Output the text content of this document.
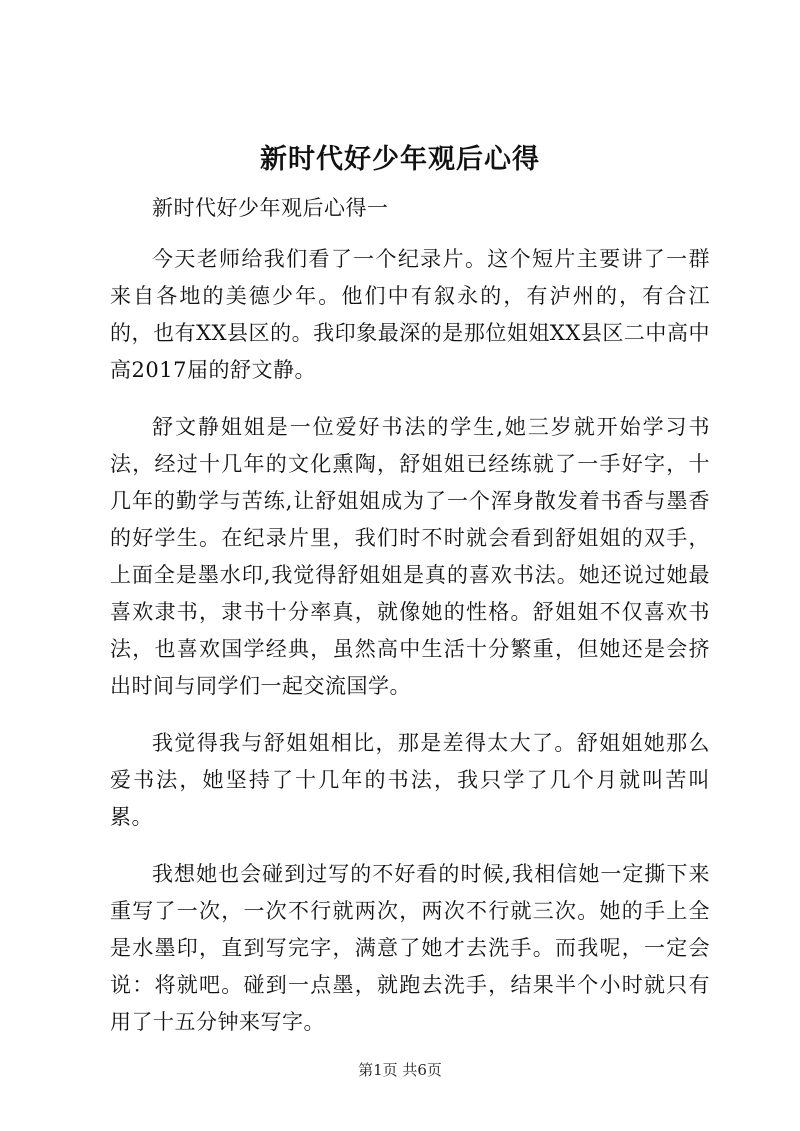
新时代好少年观后心得

新时代好少年观后心得一

今天老师给我们看了一个纪录片。这个短片主要讲了一群来自各地的美德少年。他们中有叙永的，有泸州的，有合江的，也有XX县区的。我印象最深的是那位姐姐XX县区二中高中高2017届的舒文静。

舒文静姐姐是一位爱好书法的学生,她三岁就开始学习书法，经过十几年的文化熏陶，舒姐姐已经练就了一手好字，十几年的勤学与苦练,让舒姐姐成为了一个浑身散发着书香与墨香的好学生。在纪录片里，我们时不时就会看到舒姐姐的双手，上面全是墨水印,我觉得舒姐姐是真的喜欢书法。她还说过她最喜欢隶书，隶书十分率真，就像她的性格。舒姐姐不仅喜欢书法，也喜欢国学经典，虽然高中生活十分繁重，但她还是会挤出时间与同学们一起交流国学。

我觉得我与舒姐姐相比，那是差得太大了。舒姐姐她那么爱书法，她坚持了十几年的书法，我只学了几个月就叫苦叫累。

我想她也会碰到过写的不好看的时候,我相信她一定撕下来重写了一次，一次不行就两次，两次不行就三次。她的手上全是水墨印，直到写完字，满意了她才去洗手。而我呢，一定会说：将就吧。碰到一点墨，就跑去洗手，结果半个小时就只有用了十五分钟来写字。

第1页 共6页
